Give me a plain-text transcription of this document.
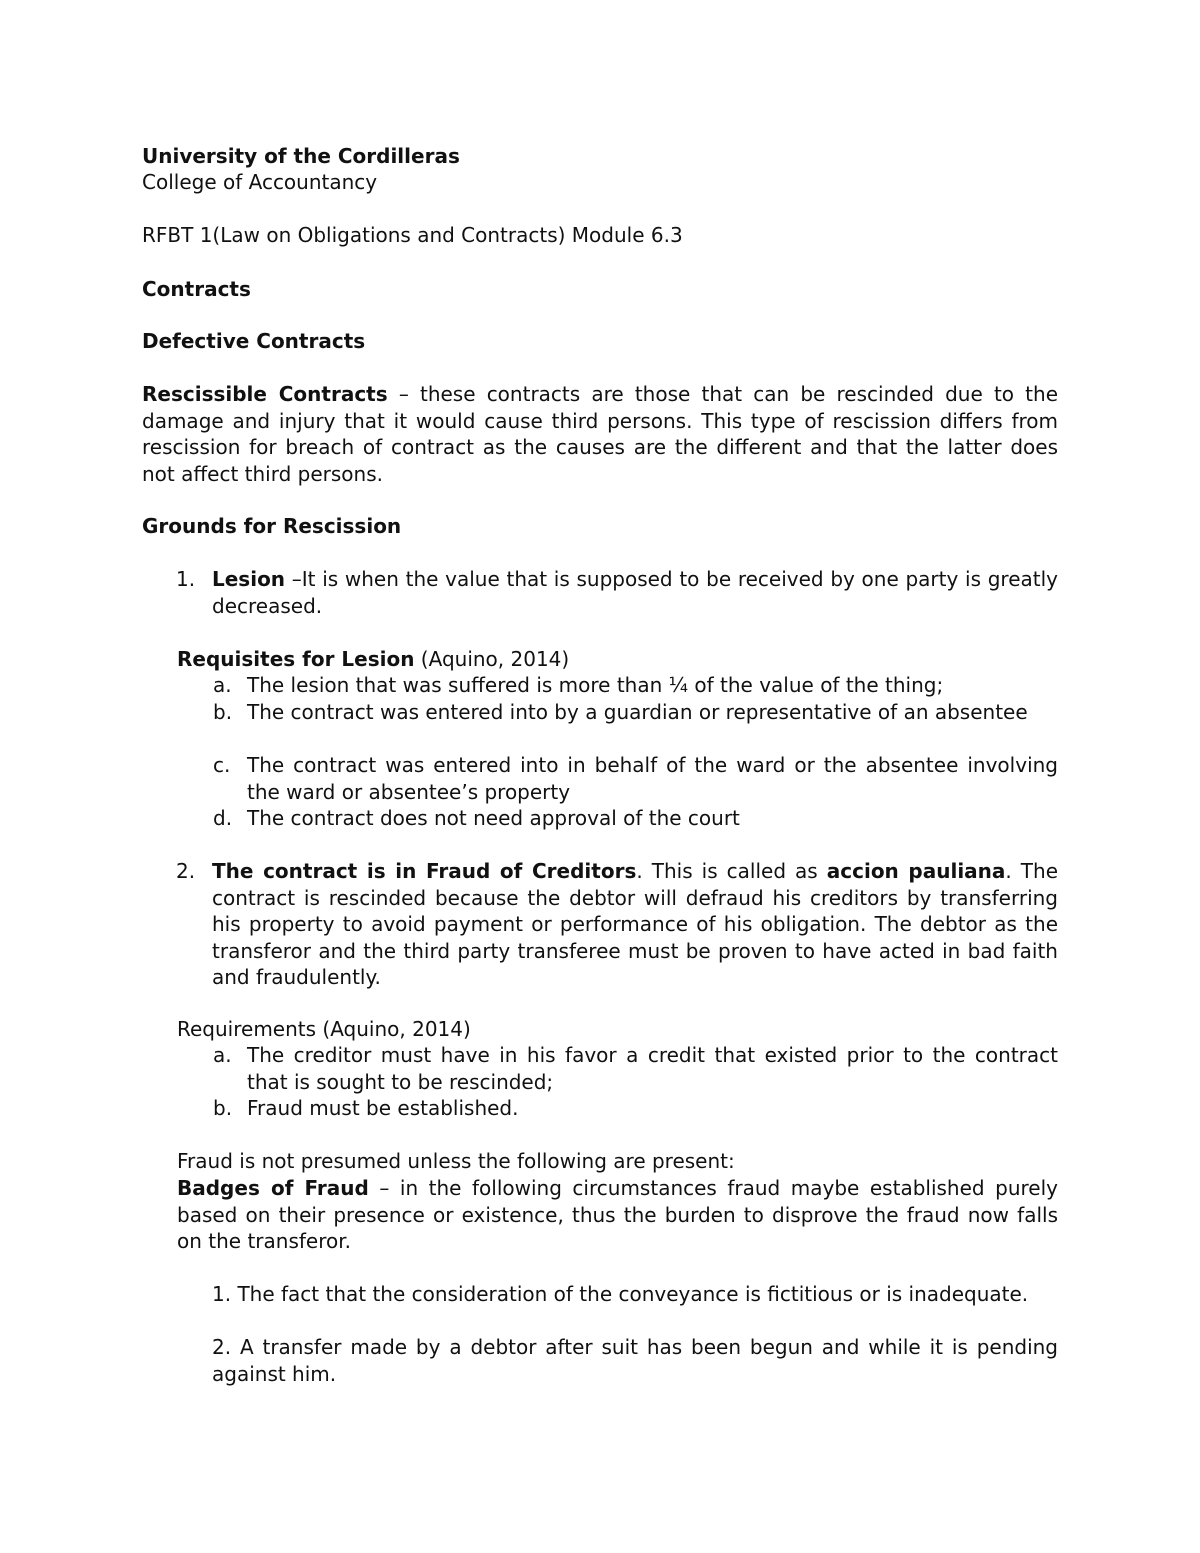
University of the Cordilleras

College of Accountancy

RFBT 1(Law on Obligations and Contracts) Module 6.3

Contracts

Defective Contracts

Rescissible Contracts – these contracts are those that can be rescinded due to the damage and injury that it would cause third persons. This type of rescission differs from rescission for breach of contract as the causes are the different and that the latter does not affect third persons.

Grounds for Rescission

1. Lesion –It is when the value that is supposed to be received by one party is greatly decreased.

Requisites for Lesion (Aquino, 2014)

a. The lesion that was suffered is more than ¼ of the value of the thing;
b. The contract was entered into by a guardian or representative of an absentee
c. The contract was entered into in behalf of the ward or the absentee involving the ward or absentee’s property
d. The contract does not need approval of the court
2. The contract is in Fraud of Creditors. This is called as accion pauliana. The contract is rescinded because the debtor will defraud his creditors by transferring his property to avoid payment or performance of his obligation. The debtor as the transferor and the third party transferee must be proven to have acted in bad faith and fraudulently.

Requirements (Aquino, 2014)

a. The creditor must have in his favor a credit that existed prior to the contract that is sought to be rescinded;
b. Fraud must be established.

Fraud is not presumed unless the following are present:

Badges of Fraud – in the following circumstances fraud maybe established purely based on their presence or existence, thus the burden to disprove the fraud now falls on the transferor.

1. The fact that the consideration of the conveyance is fictitious or is inadequate.

2. A transfer made by a debtor after suit has been begun and while it is pending against him.
